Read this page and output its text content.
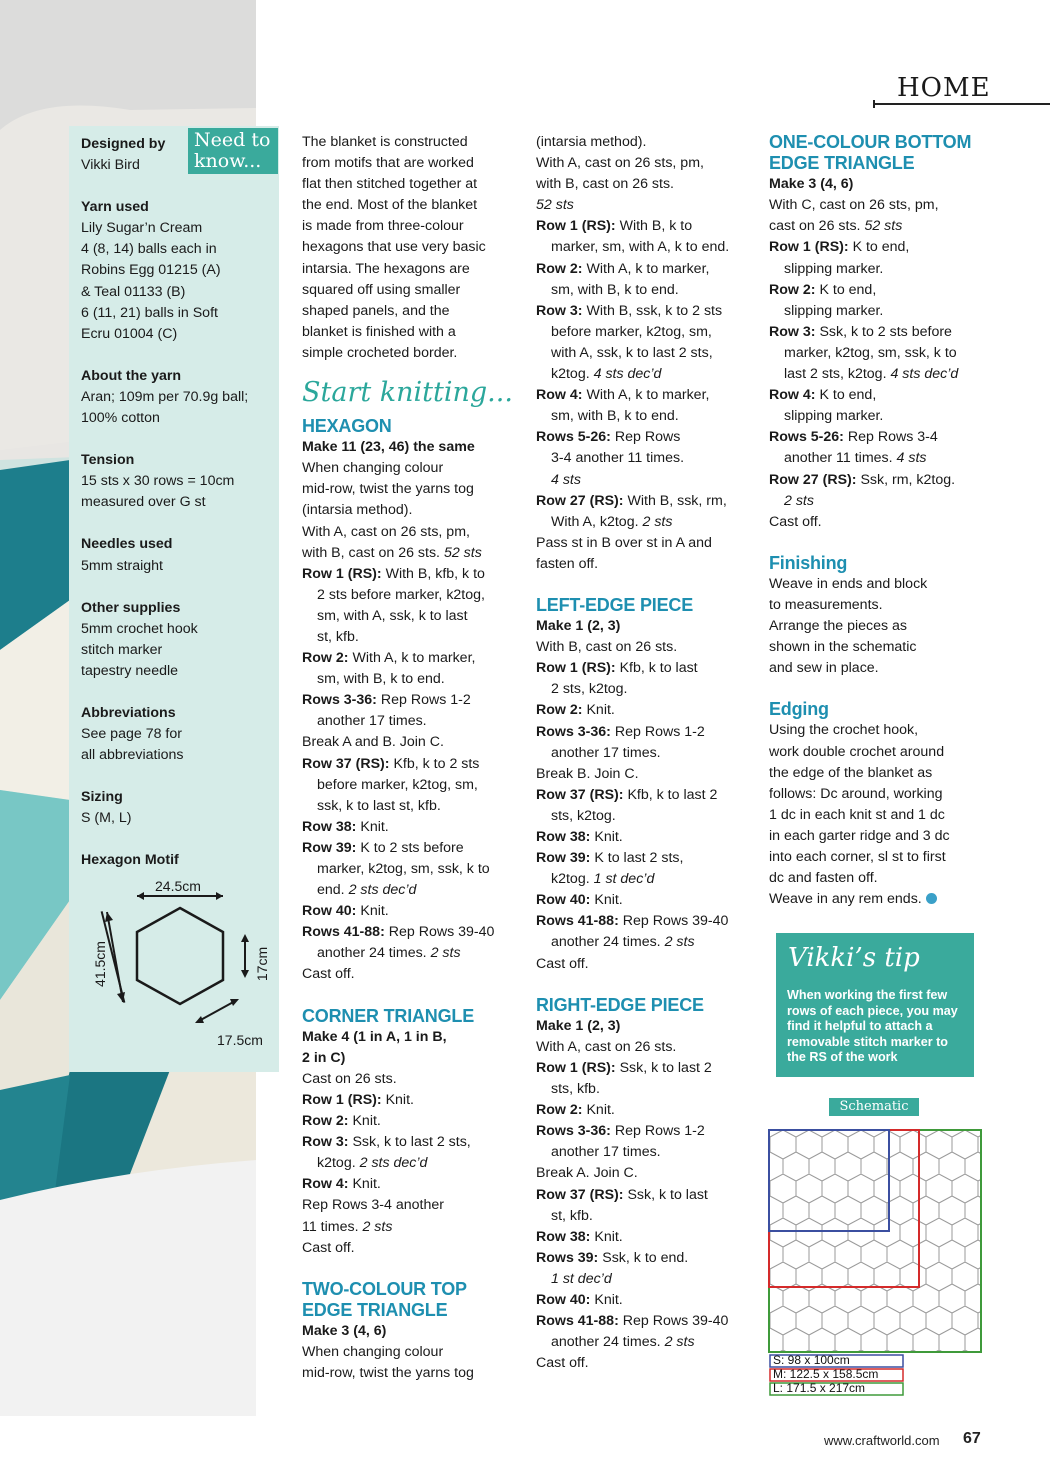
Designed by
Vikki Bird
Yarn used
Lily Sugar’n Cream
4 (8, 14) balls each in
Robins Egg 01215 (A)
& Teal 01133 (B)
6 (11, 21) balls in Soft
Ecru 01004 (C)
About the yarn
Aran; 109m per 70.9g ball;
100% cotton
Tension
15 sts x 30 rows = 10cm
measured over G st
Needles used
5mm straight
Other supplies
5mm crochet hook
stitch marker
tapestry needle
Abbreviations
See page 78 for
all abbreviations
Sizing
S (M, L)
Hexagon Motif
24.5cm
41.5cm	17cm
17.5cm
Need to know...
HOME

The blanket is constructed

from motifs that are worked

flat then stitched together at

the end. Most of the blanket

is made from three-colour

hexagons that use very basic

intarsia. The hexagons are

squared off using smaller

shaped panels, and the

blanket is finished with a

simple crocheted border.

Start knitting...

HEXAGON

Make 11 (23, 46) the same

When changing colour

mid-row, twist the yarns tog

(intarsia method).

With A, cast on 26 sts, pm,

with B, cast on 26 sts. 52 sts

Row 1 (RS): With B, kfb, k to

2 sts before marker, k2tog,

sm, with A, ssk, k to last

st, kfb.

Row 2: With A, k to marker,

sm, with B, k to end.

Rows 3-36: Rep Rows 1-2

another 17 times.

Break A and B. Join C.

Row 37 (RS): Kfb, k to 2 sts

before marker, k2tog, sm,

ssk, k to last st, kfb.

Row 38: Knit.

Row 39: K to 2 sts before

marker, k2tog, sm, ssk, k to

end. 2 sts dec’d

Row 40: Knit.

Rows 41-88: Rep Rows 39-40

another 24 times. 2 sts

Cast off.

CORNER TRIANGLE

Make 4 (1 in A, 1 in B,

2 in C)

Cast on 26 sts.

Row 1 (RS): Knit.

Row 2: Knit.

Row 3: Ssk, k to last 2 sts,

k2tog. 2 sts dec’d

Row 4: Knit.

Rep Rows 3-4 another

11 times. 2 sts

Cast off.

TWO-COLOUR TOP

EDGE TRIANGLE

Make 3 (4, 6)

When changing colour

mid-row, twist the yarns tog

(intarsia method).

With A, cast on 26 sts, pm,

with B, cast on 26 sts.

52 sts

Row 1 (RS): With B, k to

marker, sm, with A, k to end.

Row 2: With A, k to marker,

sm, with B, k to end.

Row 3: With B, ssk, k to 2 sts

before marker, k2tog, sm,

with A, ssk, k to last 2 sts,

k2tog. 4 sts dec’d

Row 4: With A, k to marker,

sm, with B, k to end.

Rows 5-26: Rep Rows

3-4 another 11 times.

4 sts

Row 27 (RS): With B, ssk, rm,

With A, k2tog. 2 sts

Pass st in B over st in A and

fasten off.

LEFT-EDGE PIECE

Make 1 (2, 3)

With B, cast on 26 sts.

Row 1 (RS): Kfb, k to last

2 sts, k2tog.

Row 2: Knit.

Rows 3-36: Rep Rows 1-2

another 17 times.

Break B. Join C.

Row 37 (RS): Kfb, k to last 2

sts, k2tog.

Row 38: Knit.

Row 39: K to last 2 sts,

k2tog. 1 st dec’d

Row 40: Knit.

Rows 41-88: Rep Rows 39-40

another 24 times. 2 sts

Cast off.

RIGHT-EDGE PIECE

Make 1 (2, 3)

With A, cast on 26 sts.

Row 1 (RS): Ssk, k to last 2

sts, kfb.

Row 2: Knit.

Rows 3-36: Rep Rows 1-2

another 17 times.

Break A. Join C.

Row 37 (RS): Ssk, k to last

st, kfb.

Row 38: Knit.

Rows 39: Ssk, k to end.

1 st dec’d

Row 40: Knit.

Rows 41-88: Rep Rows 39-40

another 24 times. 2 sts

Cast off.

ONE-COLOUR BOTTOM

EDGE TRIANGLE

Make 3 (4, 6)

With C, cast on 26 sts, pm,

cast on 26 sts. 52 sts

Row 1 (RS): K to end,

slipping marker.

Row 2: K to end,

slipping marker.

Row 3: Ssk, k to 2 sts before

marker, k2tog, sm, ssk, k to

last 2 sts, k2tog. 4 sts dec’d

Row 4: K to end,

slipping marker.

Rows 5-26: Rep Rows 3-4

another 11 times. 4 sts

Row 27 (RS): Ssk, rm, k2tog.

2 sts

Cast off.

Finishing

Weave in ends and block

to measurements.

Arrange the pieces as

shown in the schematic

and sew in place.

Edging

Using the crochet hook,

work double crochet around

the edge of the blanket as

follows: Dc around, working

1 dc in each knit st and 1 dc

in each garter ridge and 3 dc

into each corner, sl st to first

dc and fasten off.

Weave in any rem ends.

Vikki’s tip
When working the first few
rows of each piece, you may
find it helpful to attach a
removable stitch marker to
the RS of the work
Schematic
S: 98 x 100cm
M: 122.5 x 158.5cm
L: 171.5 x 217cm
www.craftworld.com 67
